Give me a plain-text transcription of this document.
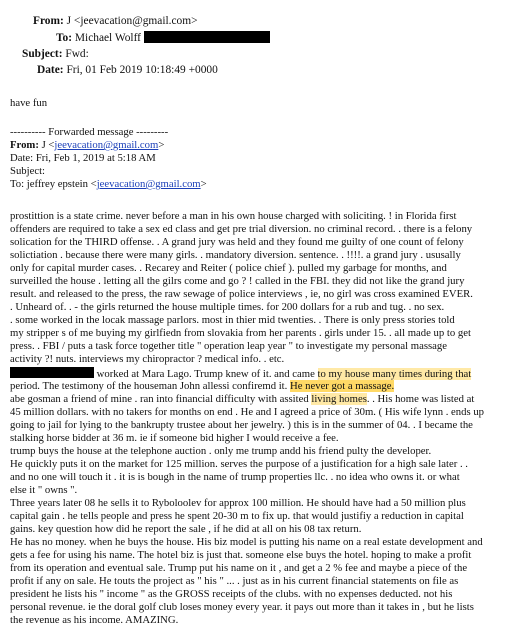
From: J <jeevacation@gmail.com>
To: Michael Wolff
Subject: Fwd:
Date: Fri, 01 Feb 2019 10:18:49 +0000
have fun
---------- Forwarded message ---------
From: J <jeevacation@gmail.com>
Date: Fri, Feb 1, 2019 at 5:18 AM
Subject:
To: jeffrey epstein <jeevacation@gmail.com>
prostittion is a state crime. never before a man in his own house charged with soliciting. ! in Florida first
offenders are required to take a sex ed class and get pre trial diversion. no criminal record. . there is a felony
solication for the THIRD offense. . A grand jury was held and they found me guilty of one count of felony
solictiation . because there were many girls. . mandatory diversion. sentence. . !!!!. a grand jury . ususally
only for capital murder cases. . Recarey and Reiter ( police chief ). pulled my garbage for months, and
surveilled the house . letting all the gilrs come and go ? ! called in the FBI. they did not like the grand jury
result. and released to the press, the raw sewage of police interviews , ie, no girl was cross examined EVER.
. Unheard of. . - the girls returned the house multiple times. for 200 dollars for a rub and tug. . no sex.
. some worked in the locak massage parlors. most in thier mid twenties. . There is only press stories told
my stripper s of me buying my girlfiedn from slovakia from her parents . girls under 15. . all made up to get
press. . FBI / puts a task force together title " operation leap year " to investigate my personal massage
activity ?! nuts. interviews my chiropractor ? medical info. . etc.
worked at Mara Lago. Trump knew of it. and came to my house many times during that
period. The testimony of the houseman John allessi confiremd it. He never got a massage.
abe gosman a friend of mine . ran into financial difficulty with assited living homes. . His home was listed at
45 million dollars. with no takers for months on end . He and I agreed a price of 30m. ( His wife lynn . ends up
going to jail for lying to the bankrupty trustee about her jewelry. ) this is in the summer of 04. . I became the
stalking horse bidder at 36 m. ie if someone bid higher I would receive a fee.
trump buys the house at the telephone auction . only me trump andd his friend pulty the developer.
He quickly puts it on the market for 125 million. serves the purpose of a justification for a high sale later . .
and no one will touch it . it is is bough in the name of trump properties llc. . no idea who owns it. or what
else it " owns ".
Three years later 08 he sells it to Ryboloolev for approx 100 million. He should have had a 50 million plus
capital gain . he tells people and press he spent 20-30 m to fix up. that would justifiy a reduction in capital
gains. key question how did he report the sale , if he did at all on his 08 tax return.
He has no money. when he buys the house. His biz model is putting his name on a real estate development and
gets a fee for using his name. The hotel biz is just that. someone else buys the hotel. hoping to make a profit
from its operation and eventual sale. Trump put his name on it , and get a 2 % fee and maybe a piece of the
profit if any on sale. He touts the project as " his " ... . just as in his current financial statements on file as
president he lists his " income " as the GROSS receipts of the clubs. with no expenses deducted. not his
personal revenue. ie the doral golf club loses money every year. it pays out more than it takes in , but he lists
the revenue as his income. AMAZING.
